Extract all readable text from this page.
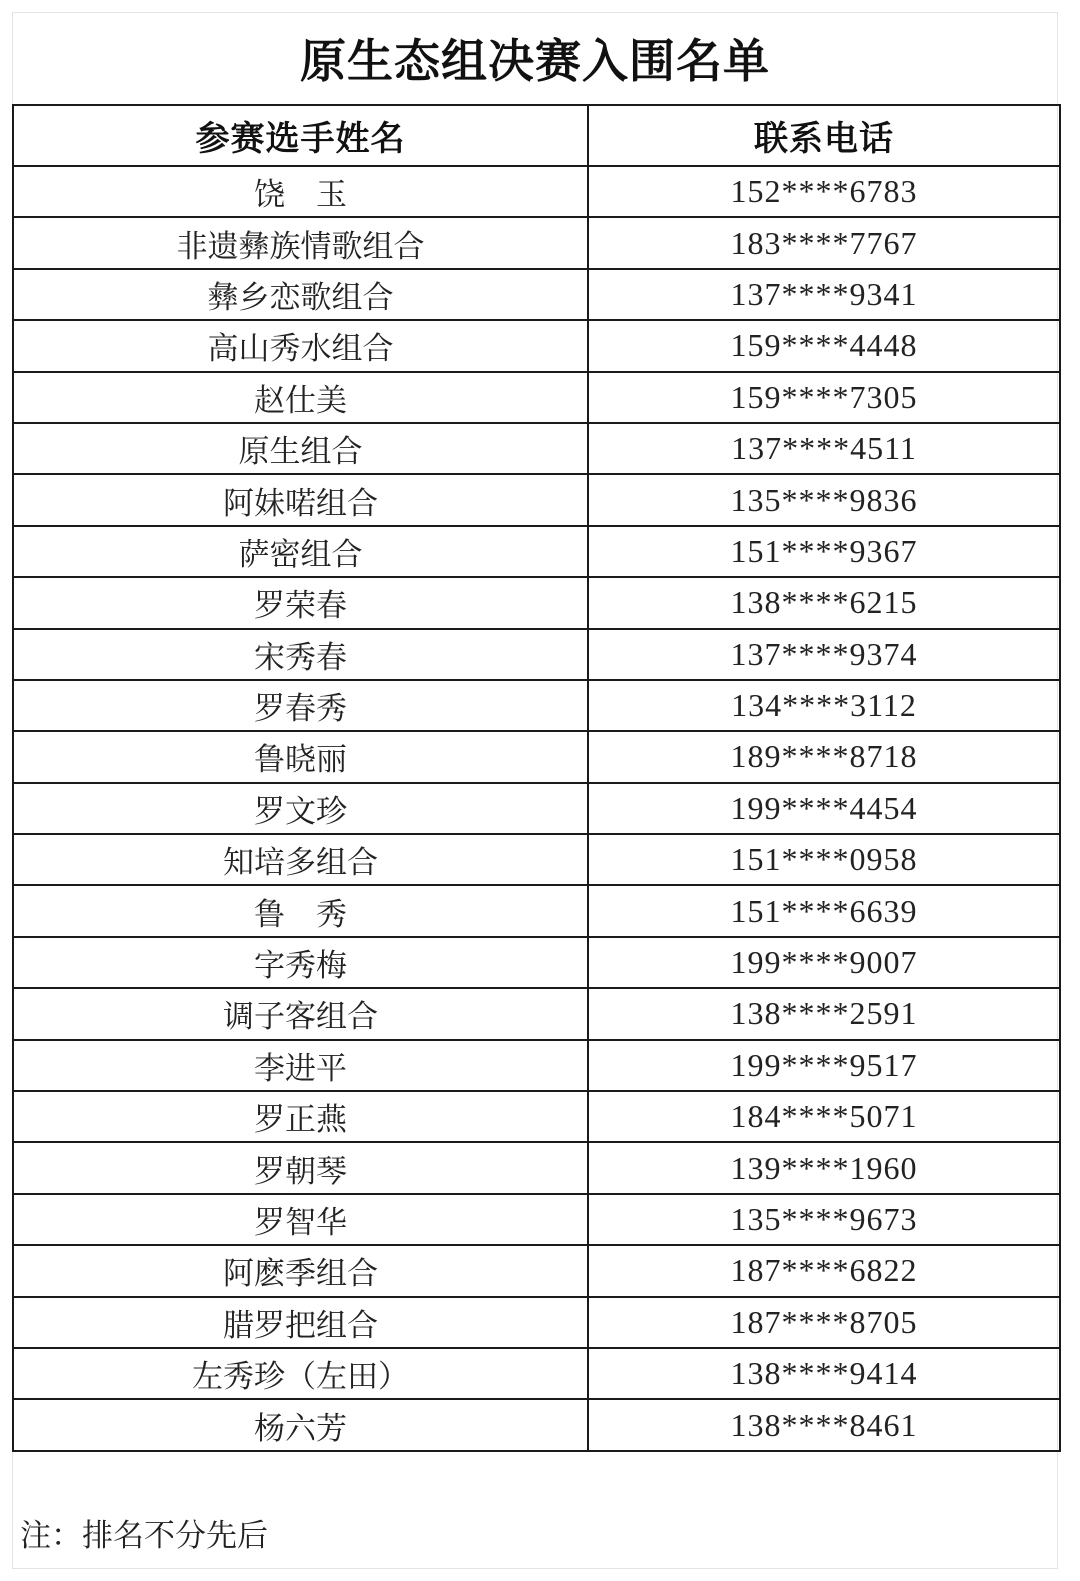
原生态组决赛入围名单
参赛选手姓名	联系电话
饶　玉	152****6783
非遗彝族情歌组合	183****7767
彝乡恋歌组合	137****9341
高山秀水组合	159****4448
赵仕美	159****7305
原生组合	137****4511
阿妹喏组合	135****9836
萨密组合	151****9367
罗荣春	138****6215
宋秀春	137****9374
罗春秀	134****3112
鲁晓丽	189****8718
罗文珍	199****4454
知培多组合	151****0958
鲁　秀	151****6639
字秀梅	199****9007
调子客组合	138****2591
李进平	199****9517
罗正燕	184****5071
罗朝琴	139****1960
罗智华	135****9673
阿麽季组合	187****6822
腊罗把组合	187****8705
左秀珍（左田）	138****9414
杨六芳	138****8461
注：排名不分先后
